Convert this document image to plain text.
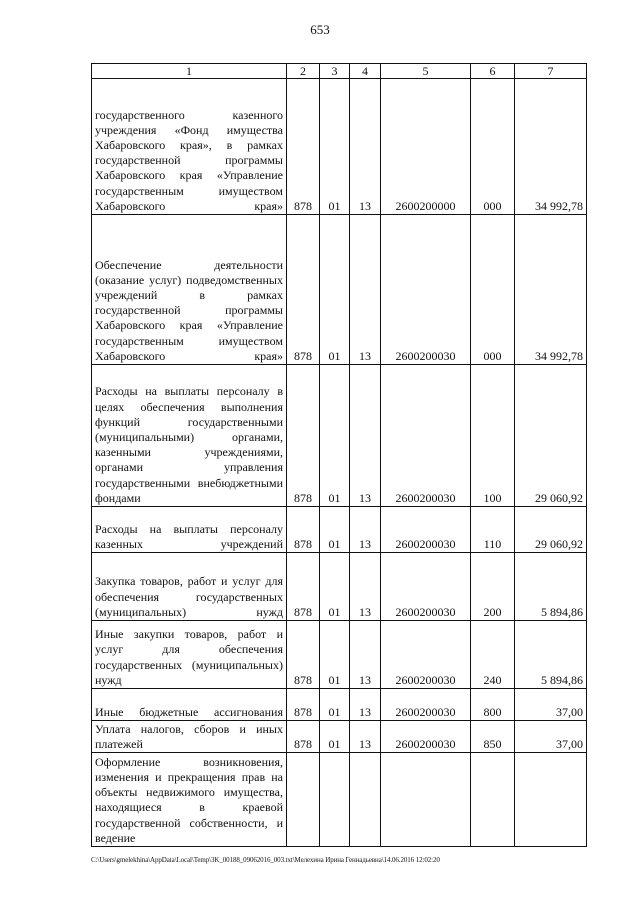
653
1	2	3	4	5	6	7
государственного казенного учреждения «Фонд имущества Хабаровского края», в рамках государственной программы Хабаровского края «Управление государственным имуществом Хабаровского края»	878	01	13	2600200000	000	34 992,78
Обеспечение деятельности (оказание услуг) подведомственных учреждений в рамках государственной программы Хабаровского края «Управление государственным имуществом Хабаровского края»	878	01	13	2600200030	000	34 992,78
Расходы на выплаты персоналу в целях обеспечения выполнения функций государственными (муниципальными) органами, казенными учреждениями, органами управления государственными внебюджетными фондами	878	01	13	2600200030	100	29 060,92
Расходы на выплаты персоналу казенных учреждений	878	01	13	2600200030	110	29 060,92
Закупка товаров, работ и услуг для обеспечения государственных (муниципальных) нужд	878	01	13	2600200030	200	5 894,86
Иные закупки товаров, работ и услуг для обеспечения государственных (муниципальных) нужд	878	01	13	2600200030	240	5 894,86
Иные бюджетные ассигнования	878	01	13	2600200030	800	37,00
Уплата налогов, сборов и иных платежей	878	01	13	2600200030	850	37,00
Оформление возникновения, изменения и прекращения прав на объекты недвижимого имущества, находящиеся в краевой государственной собственности, и ведение						
C:\Users\gmelekhina\AppData\Local\Temp\3K_00188_09062016_003.txt\Мелехина Ирина Геннадьевна\14.06.2016 12:02:20
